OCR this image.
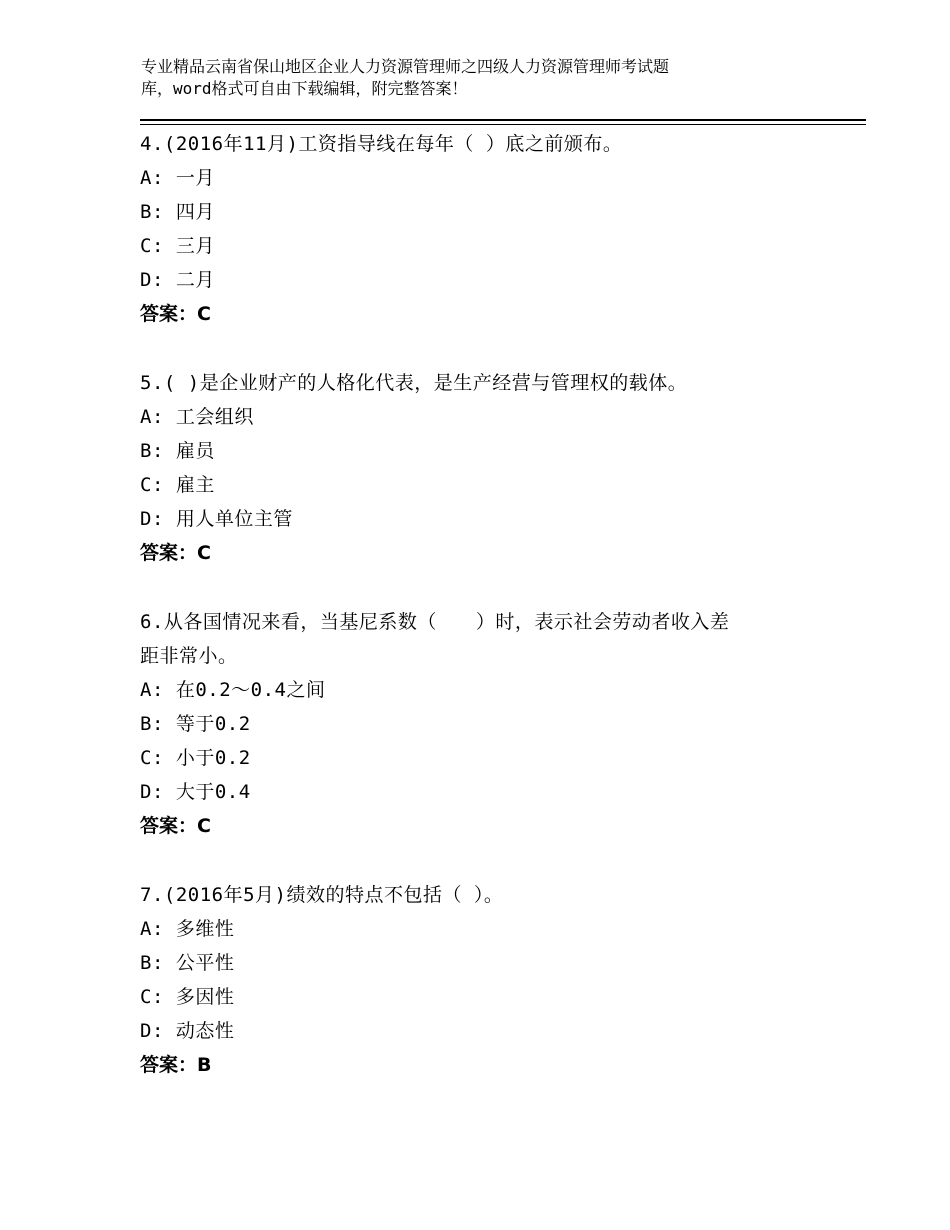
专业精品云南省保山地区企业人力资源管理师之四级人力资源管理师考试题
库，word格式可自由下载编辑，附完整答案！

4.(2016年11月)工资指导线在每年（ ）底之前颁布。

A: 一月

B: 四月

C: 三月

D: 二月

答案：C

5.( )是企业财产的人格化代表，是生产经营与管理权的载体。

A: 工会组织

B: 雇员

C: 雇主

D: 用人单位主管

答案：C

6.从各国情况来看，当基尼系数（　　）时，表示社会劳动者收入差

距非常小。

A: 在0.2～0.4之间

B: 等于0.2

C: 小于0.2

D: 大于0.4

答案：C

7.(2016年5月)绩效的特点不包括（ ）。

A: 多维性

B: 公平性

C: 多因性

D: 动态性

答案：B
